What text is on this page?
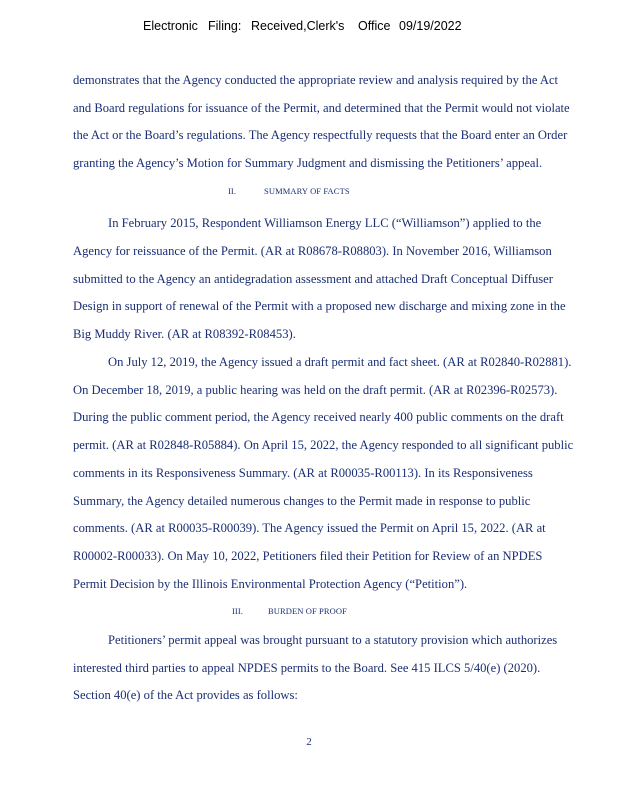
Electronic

Filing:

Received,Clerk's

Office

09/19/2022

demonstrates that the Agency conducted the appropriate review and analysis required by the Act
and Board regulations for issuance of the Permit, and determined that the Permit would not violate
the Act or the Board’s regulations. The Agency respectfully requests that the Board enter an Order
granting the Agency’s Motion for Summary Judgment and dismissing the Petitioners’ appeal.
II.	SUMMARY OF FACTS
In February 2015, Respondent Williamson Energy LLC (“Williamson”) applied to the
Agency for reissuance of the Permit. (AR at R08678-R08803). In November 2016, Williamson
submitted to the Agency an antidegradation assessment and attached Draft Conceptual Diffuser
Design in support of renewal of the Permit with a proposed new discharge and mixing zone in the
Big Muddy River. (AR at R08392-R08453).
On July 12, 2019, the Agency issued a draft permit and fact sheet. (AR at R02840-R02881).
On December 18, 2019, a public hearing was held on the draft permit. (AR at R02396-R02573).
During the public comment period, the Agency received nearly 400 public comments on the draft
permit. (AR at R02848-R05884). On April 15, 2022, the Agency responded to all significant public
comments in its Responsiveness Summary. (AR at R00035-R00113). In its Responsiveness
Summary, the Agency detailed numerous changes to the Permit made in response to public
comments. (AR at R00035-R00039). The Agency issued the Permit on April 15, 2022. (AR at
R00002-R00033). On May 10, 2022, Petitioners filed their Petition for Review of an NPDES
Permit Decision by the Illinois Environmental Protection Agency (“Petition”).
III.	BURDEN OF PROOF
Petitioners’ permit appeal was brought pursuant to a statutory provision which authorizes
interested third parties to appeal NPDES permits to the Board. See 415 ILCS 5/40(e) (2020).
Section 40(e) of the Act provides as follows:
2
